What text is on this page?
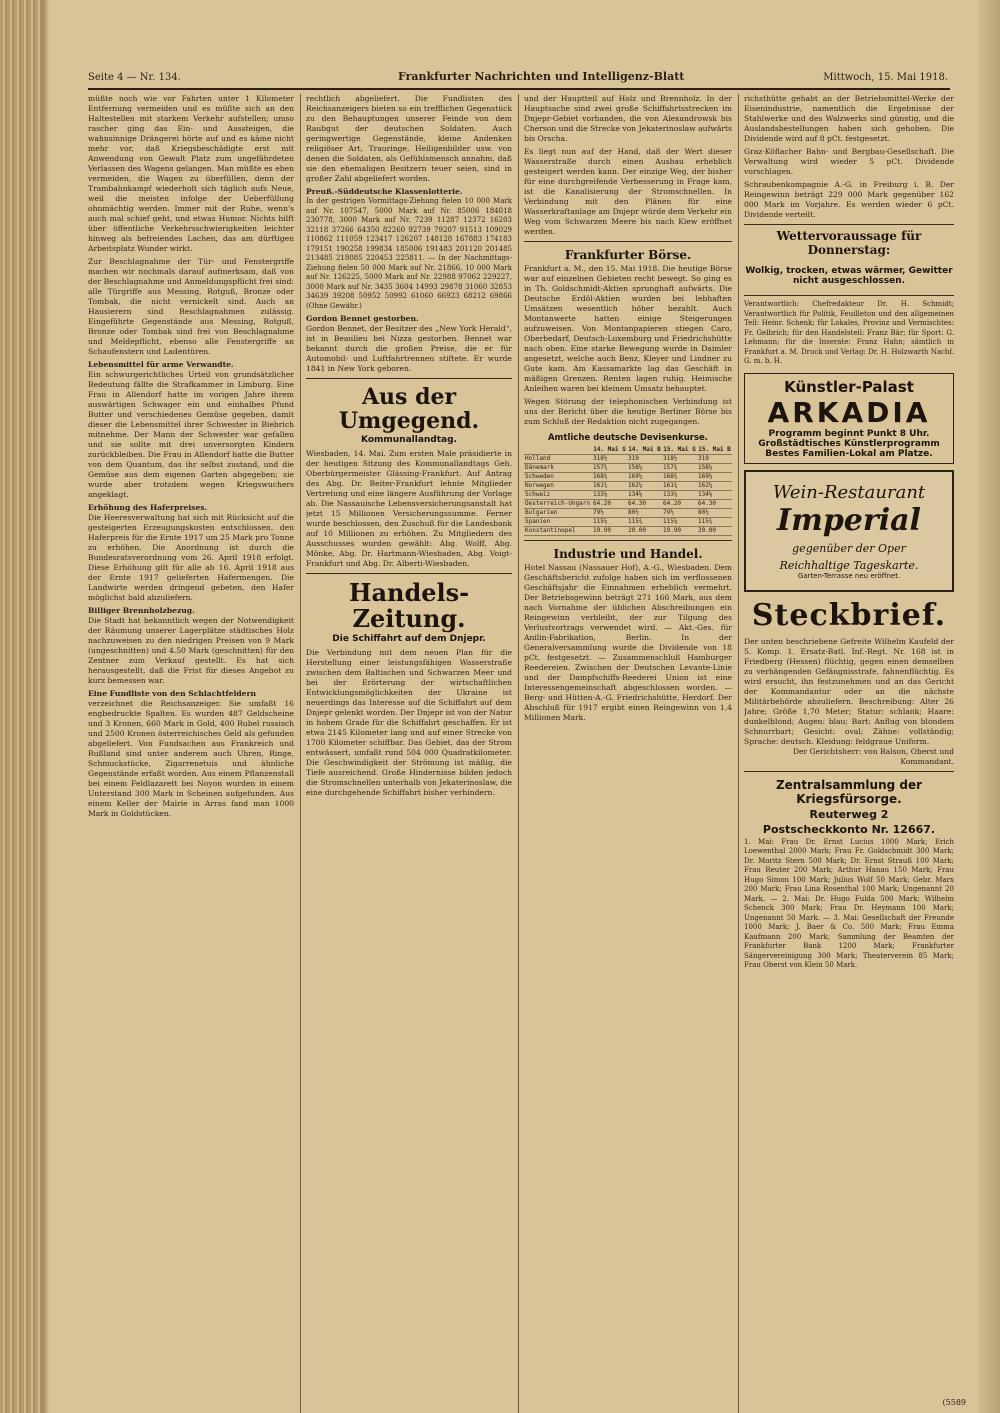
Seite 4 — Nr. 134.	Frankfurter Nachrichten und Intelligenz-Blatt	Mittwoch, 15. Mai 1918.

müßte noch wie vor Fahrten unter 1 Kilometer Entfernung vermeiden und es müßte sich an den Haltestellen mit starkem Verkehr aufstellen; umso rascher ging das Ein- und Aussteigen, die wahnsinnige Drängerei hörte auf und es käme nicht mehr vor, daß Kriegsbeschädigte erst mit Anwendung von Gewalt Platz zum ungefährdeten Verlassen des Wagens gelangen. Man müßte es eben vermeiden, die Wagen zu überfüllen, denn der Trambahnkampf wiederholt sich täglich aufs Neue, weil die meisten infolge der Ueberfüllung ohnmächtig werden. Immer mit der Ruhe, wenn's auch mal schief geht, und etwas Humor. Nichts hilft über öffentliche Verkehrsschwierigkeiten leichter hinweg als befreiendes Lachen, das am dürftigen Arbeitsplatz Wunder wirkt.

Zur Beschlagnahme der Tür- und Fenstergriffe machen wir nochmals darauf aufmerksam, daß von der Beschlagnahme und Anmeldungspflicht frei sind: alle Türgriffe aus Messing, Rotguß, Bronze oder Tombak, die nicht vernickelt sind. Auch an Hausierern sind Beschlagnahmen zulässig. Eingeführte Gegenstände aus Messing, Rotguß, Bronze oder Tombak sind frei von Beschlagnahme und Meldepflicht, ebenso alle Fenstergriffe an Schaufenstern und Ladentüren.

Lebensmittel für arme Verwandte.

Ein schwurgerichtliches Urteil von grundsätzlicher Bedeutung fällte die Strafkammer in Limburg. Eine Frau in Allendorf hatte im vorigen Jahre ihrem auswärtigen Schwager ein und einhalbes Pfund Butter und verschiedenes Gemüse gegeben, damit dieser die Lebensmittel ihrer Schwester in Biebrich mitnehme. Der Mann der Schwester war gefallen und sie sollte mit drei unversorgten Kindern zurückbleiben. Die Frau in Allendorf hatte die Butter von dem Quantum, das ihr selbst zustand, und die Gemüse aus dem eigenen Garten abgegeben; sie wurde aber trotzdem wegen Kriegswuchers angeklagt.

Erhöhung des Haferpreises.

Die Heeresverwaltung hat sich mit Rücksicht auf die gesteigerten Erzeugungskosten entschlossen, den Haferpreis für die Ernte 1917 um 25 Mark pro Tonne zu erhöhen. Die Anordnung ist durch die Bundesratsverordnung vom 26. April 1918 erfolgt. Diese Erhöhung gilt für alle ab 16. April 1918 aus der Ernte 1917 gelieferten Hafermengen. Die Landwirte werden dringend gebeten, den Hafer möglichst bald abzuliefern.

Billiger Brennholzbezug.

Die Stadt hat bekanntlich wegen der Notwendigkeit der Räumung unserer Lagerplätze städtisches Holz nachzuweisen zu den niedrigen Preisen von 9 Mark (ungeschnitten) und 4.50 Mark (geschnitten) für den Zentner zum Verkauf gestellt. Es hat sich herausgestellt, daß die Frist für dieses Angebot zu kurz bemessen war.

Eine Fundliste von den Schlachtfeldern

verzeichnet die Reichsanzeiger. Sie umfaßt 16 engbedruckte Spalten. Es wurden 487 Geldscheine und 3 Kronen, 660 Mark in Gold, 400 Rubel russisch und 2500 Kronen österreichisches Geld als gefunden abgeliefert. Von Fundsachen aus Frankreich und Rußland sind unter anderem auch Uhren, Ringe, Schmuckstücke, Zigarrenetuis und ähnliche Gegenstände erfaßt worden. Aus einem Pflanzenstall bei einem Feldlazarett bei Noyon wurden in einem Unterstand 300 Mark in Scheinen aufgefunden. Aus einem Keller der Mairie in Arras fand man 1000 Mark in Goldstücken.

rechtlich abgeliefert. Die Fundlisten des Reichsanzeigers bieten so ein trefflichen Gegenstück zu den Behauptungen unserer Feinde von dem Raubgut der deutschen Soldaten. Auch geringwertige Gegenstände, kleine Andenken religiöser Art, Trauringe, Heiligenbilder usw. von denen die Soldaten, als Gefühlsmensch annahm, daß sie den ehemaligen Besitzern teuer seien, sind in großer Zahl abgeliefert worden.

Preuß.-Süddeutsche Klassenlotterie.

In der gestrigen Vormittags-Ziehung fielen 10 000 Mark auf Nr. 107547, 5000 Mark auf Nr. 85006 184018 230778, 3000 Mark auf Nr. 7239 11287 12372 16203 32118 37266 64350 82260 92739 79207 91513 109029 110862 111059 123417 126207 148128 167883 174183 179151 190258 199834 185006 191483 201120 201485 213485 218085 220453 225811. — In der Nachmittags-Ziehung fielen 50 000 Mark auf Nr. 21866, 10 000 Mark auf Nr. 126225, 5000 Mark auf Nr. 22988 97062 229227, 3000 Mark auf Nr. 3435 3604 14993 29878 31060 32853 34639 39208 50952 50992 61060 66923 68212 69866 (Ohne Gewähr.)

Gordon Bennet gestorben.

Gordon Bennet, der Besitzer des „New York Herald“, ist in Beaulieu bei Nizza gestorben. Bennet war bekannt durch die großen Preise, die er für Automobil- und Luftfahrtrennen stiftete. Er wurde 1841 in New York geboren.

Aus der Umgegend.

Kommunallandtag.

Wiesbaden, 14. Mai. Zum ersten Male präsidierte in der heutigen Sitzung des Kommunallandtags Geh. Oberbürgermeister Glässing-Frankfurt. Auf Antrag des Abg. Dr. Beiter-Frankfurt lehnte Mitglieder Vertretung und eine längere Ausführung der Vorlage ab. Die Nassauische Lebensversicherungsanstalt hat jetzt 15 Millionen Versicherungssumme. Ferner wurde beschlossen, den Zuschuß für die Landesbank auf 10 Millionen zu erhöhen. Zu Mitgliedern des Ausschusses wurden gewählt: Abg. Wolff, Abg. Mönke, Abg. Dr. Hartmann-Wiesbaden, Abg. Voigt-Frankfurt und Abg. Dr. Alberti-Wiesbaden.

Handels-Zeitung.

Die Schiffahrt auf dem Dnjepr.

Die Verbindung mit dem neuen Plan für die Herstellung einer leistungsfähigen Wasserstraße zwischen dem Baltischen und Schwarzen Meer und bei der Erörterung der wirtschaftlichen Entwicklungsmöglichkeiten der Ukraine ist neuerdings das Interesse auf die Schiffahrt auf dem Dnjepr gelenkt worden. Der Dnjepr ist von der Natur in hohem Grade für die Schiffahrt geschaffen. Er ist etwa 2145 Kilometer lang und auf einer Strecke von 1700 Kilometer schiffbar. Das Gebiet, das der Strom entwässert, umfaßt rund 504 000 Quadratkilometer. Die Geschwindigkeit der Strömung ist mäßig, die Tiefe ausreichend. Große Hindernisse bilden jedoch die Stromschnellen unterhalb von Jekaterinoslaw, die eine durchgehende Schiffahrt bisher verhindern.

und der Hauptteil auf Holz und Brennholz. In der Hauptsache sind zwei große Schiffahrtsstrecken im Dnjepr-Gebiet vorhanden, die von Alexandrowsk bis Cherson und die Strecke von Jekaterinoslaw aufwärts bis Orscha.

Es liegt nun auf der Hand, daß der Wert dieser Wasserstraße durch einen Ausbau erheblich gesteigert werden kann. Der einzige Weg, der bisher für eine durchgreifende Verbesserung in Frage kam, ist die Kanalisierung der Stromschnellen. In Verbindung mit den Plänen für eine Wasserkraftanlage am Dnjepr würde dem Verkehr ein Weg vom Schwarzen Meere bis nach Kiew eröffnet werden.

Frankfurter Börse.

Frankfurt a. M., den 15. Mai 1918. Die heutige Börse war auf einzelnen Gebieten recht bewegt. So ging es in Th. Goldschmidt-Aktien sprunghaft aufwärts. Die Deutsche Erdöl-Aktien wurden bei lebhaften Umsätzen wesentlich höher bezahlt. Auch Montanwerte hatten einige Steigerungen aufzuweisen. Von Montanpapieren stiegen Caro, Oberbedarf, Deutsch-Luxemburg und Friedrichshütte nach oben. Eine starke Bewegung wurde in Daimler angesetzt, welche auch Benz, Kleyer und Lindner zu Gute kam. Am Kassamarkte lag das Geschäft in mäßigen Grenzen. Renten lagen ruhig. Heimische Anleihen waren bei kleinem Umsatz behauptet.

Wegen Störung der telephonischen Verbindung ist uns der Bericht über die heutige Berliner Börse bis zum Schluß der Redaktion nicht zugegangen.

Amtliche deutsche Devisenkurse.

	14. Mai G	14. Mai B	15. Mai G	15. Mai B
Holland	318½	319	318½	319
Dänemark	157¾	158¼	157¾	158¼
Schweden	168¾	169¼	168¾	169¼
Norwegen	161¾	162¼	161¾	162¼
Schweiz	133⅞	134⅛	133⅞	134⅛
Oesterreich-Ungarn	64.20	64.30	64.20	64.30
Bulgarien	79½	80½	79½	80½
Spanien	115¼	115¾	115¼	115¾
Konstantinopel	19.90	20.00	19.90	20.00

Industrie und Handel.

Hotel Nassau (Nassauer Hof), A.-G., Wiesbaden. Dem Geschäftsbericht zufolge haben sich im verflossenen Geschäftsjahr die Einnahmen erheblich vermehrt. Der Betriebsgewinn beträgt 271 166 Mark, aus dem nach Vornahme der üblichen Abschreibungen ein Reingewinn verbleibt, der zur Tilgung des Verlustvortrags verwendet wird. — Akt.-Ges. für Anilin-Fabrikation, Berlin. In der Generalversammlung wurde die Dividende von 18 pCt. festgesetzt. — Zusammenschluß Hamburger Reedereien. Zwischen der Deutschen Levante-Linie und der Dampfschiffs-Reederei Union ist eine Interessengemeinschaft abgeschlossen worden. — Berg- und Hütten-A.-G. Friedrichshütte, Herdorf. Der Abschluß für 1917 ergibt einen Reingewinn von 1,4 Millionen Mark.

richsthütte gehabt an der Betriebsmittel-Werke der Eisenindustrie, namentlich die Ergebnisse der Stahlwerke und des Walzwerks sind günstig, und die Auslandsbestellungen haben sich gehoben. Die Dividende wird auf 8 pCt. festgesetzt.

Graz-Köflacher Bahn- und Bergbau-Gesellschaft. Die Verwaltung wird wieder 5 pCt. Dividende vorschlagen.

Schraubenkompagnie A.-G. in Freiburg i. B. Der Reingewinn beträgt 229 000 Mark gegenüber 162 000 Mark im Vorjahre. Es werden wieder 6 pCt. Dividende verteilt.

Wettervoraussage für Donnerstag:

Wolkig, trocken, etwas wärmer, Gewitter nicht ausgeschlossen.

Verantwortlich: Chefredakteur Dr. H. Schmidt; Verantwortlich für Politik, Feuilleton und den allgemeinen Teil: Heinr. Schenk; für Lokales, Provinz und Vermischtes: Fr. Gelbrich; für den Handelsteil: Franz Bär; für Sport: G. Lehmann; für die Inserate: Franz Hahn; sämtlich in Frankfurt a. M. Druck und Verlag: Dr. H. Holzwarth Nachf. G. m. b. H.

Künstler-Palast
ARKADIA
Programm beginnt Punkt 8 Uhr.
Großstädtisches Künstlerprogramm
Bestes Familien-Lokal am Platze.
Wein-Restaurant
Imperial
gegenüber der Oper
Reichhaltige Tageskarte.
Garten-Terrasse neu eröffnet.
Steckbrief.

Der unten beschriebene Gefreite Wilhelm Kaufeld der 5. Komp. 1. Ersatz-Batl. Inf.-Regt. Nr. 168 ist in Friedberg (Hessen) flüchtig, gegen einen demselben zu verhängenden Gefängnisstrafe, fahnenflüchtig. Es wird ersucht, ihn festzunehmen und an das Gericht der Kommandantur oder an die nächste Militärbehörde abzuliefern. Beschreibung: Alter 26 Jahre; Größe 1,70 Meter; Statur: schlank; Haare: dunkelblond; Augen: blau; Bart: Anflug von blondem Schnurrbart; Gesicht: oval; Zähne: vollständig; Sprache: deutsch. Kleidung: feldgraue Uniform.

Der Gerichtsherr: von Balson, Oberst und Kommandant.

Zentralsammlung der Kriegsfürsorge.
Reuterweg 2
Postscheckkonto Nr. 12667.

1. Mai: Frau Dr. Ernst Lucius 1000 Mark; Erich Loewenthal 2000 Mark; Frau Fr. Goldschmidt 300 Mark; Dr. Moritz Stern 500 Mark; Dr. Ernst Strauß 100 Mark; Frau Reuter 200 Mark; Arthur Hanau 150 Mark; Frau Hugo Simon 100 Mark; Julius Wolf 50 Mark; Gebr. Marx 200 Mark; Frau Lina Rosenthal 100 Mark; Ungenannt 20 Mark. — 2. Mai: Dr. Hugo Fulda 500 Mark; Wilhelm Schenck 300 Mark; Frau Dr. Heymann 100 Mark; Ungenannt 50 Mark. — 3. Mai: Gesellschaft der Freunde 1000 Mark; J. Baer & Co. 500 Mark; Frau Emma Kaufmann 200 Mark; Sammlung der Beamten der Frankfurter Bank 1200 Mark; Frankfurter Sängervereinigung 300 Mark; Theaterverein 85 Mark; Frau Oberst von Klein 50 Mark.

(5589
